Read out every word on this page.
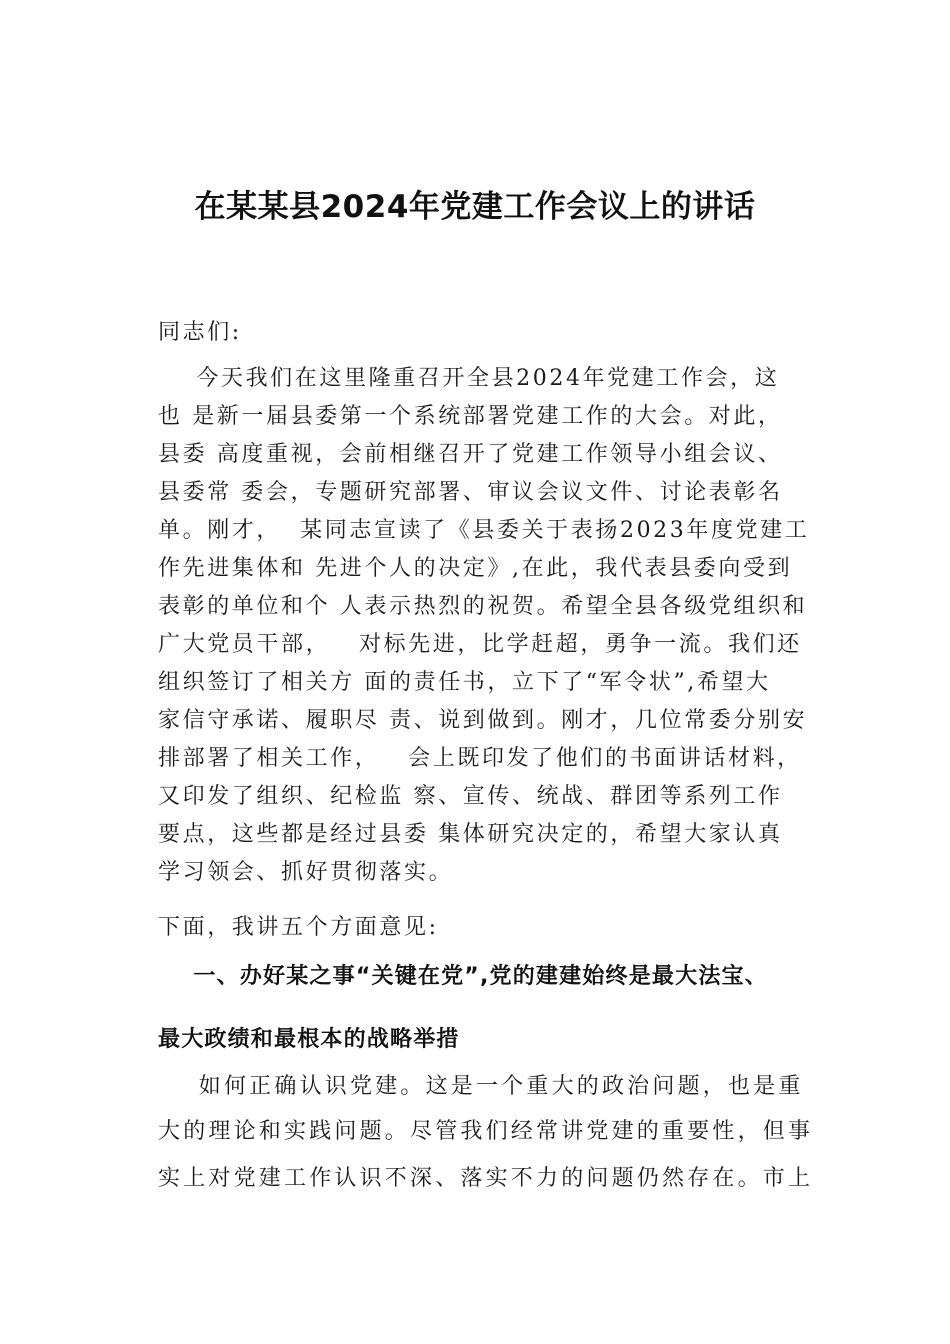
在某某县2024年党建工作会议上的讲话
同志们:
今天我们在这里隆重召开全县2024年党建工作会，这
也 是新一届县委第一个系统部署党建工作的大会。对此，
县委 高度重视，会前相继召开了党建工作领导小组会议、
县委常 委会，专题研究部署、审议会议文件、讨论表彰名
单。刚才，  某同志宣读了《县委关于表扬2023年度党建工
作先进集体和 先进个人的决定》,在此，我代表县委向受到
表彰的单位和个 人表示热烈的祝贺。希望全县各级党组织和
广大党员干部，   对标先进，比学赶超，勇争一流。我们还
组织签订了相关方 面的责任书，立下了“军令状”,希望大
家信守承诺、履职尽 责、说到做到。刚才，几位常委分别安
排部署了相关工作，   会上既印发了他们的书面讲话材料，
又印发了组织、纪检监 察、宣传、统战、群团等系列工作
要点，这些都是经过县委 集体研究决定的，希望大家认真
学习领会、抓好贯彻落实。
下面，我讲五个方面意见:
一、办好某之事“关键在党”,党的建建始终是最大法宝、
最大政绩和最根本的战略举措
如何正确认识党建。这是一个重大的政治问题，也是重
大的理论和实践问题。尽管我们经常讲党建的重要性，但事
实上对党建工作认识不深、落实不力的问题仍然存在。市上
